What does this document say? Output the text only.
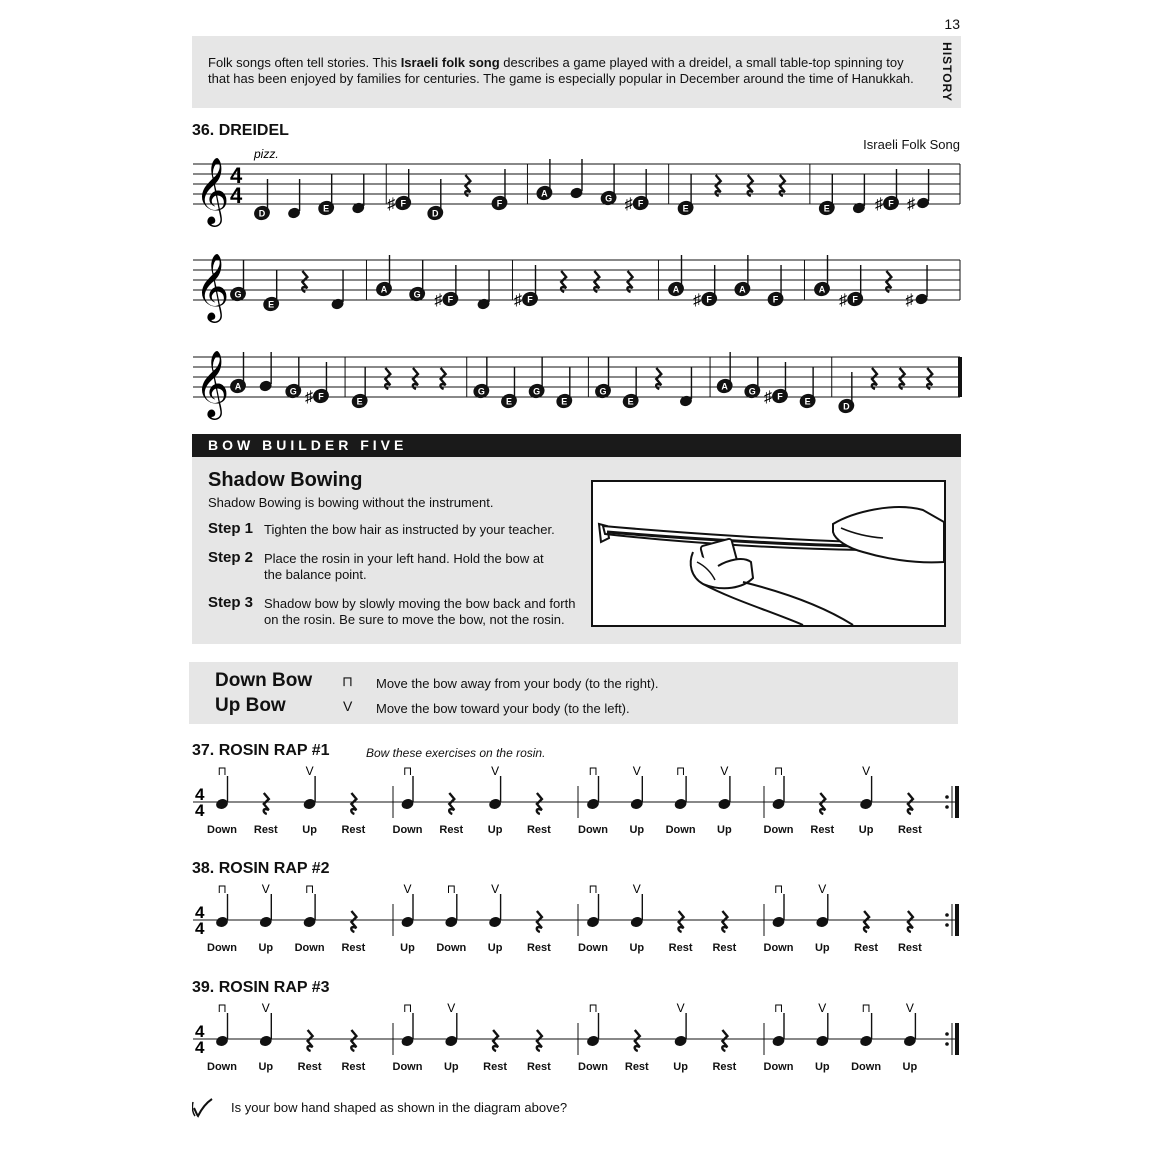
13
Folk songs often tell stories. This Israeli folk song describes a game played with a dreidel, a small table-top spinning toy that has been enjoyed by families for centuries. The game is especially popular in December around the time of Hanukkah.	HISTORY
36. DREIDEL
Israeli Folk Song
pizz.
𝄞 4
4
D	E	F
♯
D
F
A	G	F
♯	E	E	F
♯ ♯
𝄞 G
E
A	G	F
♯	F
♯
A
F
♯
A
F
A
F
♯	♯
𝄞 A	G F
♯	E
G
E
G
E
G
E
A G F
♯	E	D
BOW BUILDER FIVE
Shadow Bowing
Shadow Bowing is bowing without the instrument.
Step 1 Tighten the bow hair as instructed by your teacher.
Step 2 Place the rosin in your left hand. Hold the bow at the balance point.
Step 3 Shadow bow by slowly moving the bow back and forth on the rosin. Be sure to move the bow, not the rosin.
Down Bow ⊓ Move the bow away from your body (to the right).
Up Bow	V Move the bow toward your body (to the left).
37. ROSIN RAP #1	Bow these exercises on the rosin.
38. ROSIN RAP #2
39. ROSIN RAP #3
4
4
⊓	V	⊓	V	⊓	V	⊓	V	⊓	V
4
4
⊓	V	⊓	V	⊓	V	⊓	V	⊓	V
4
4
⊓	V	⊓	V	⊓	V	⊓	V	⊓	V
Down	Rest	Up	Rest	Down	Rest	Up	Rest	Down	Up	Down	Up	Down	Rest	Up	Rest
Down	Up	Down	Rest	Up	Down	Up	Rest	Down	Up	Rest	Rest	Down	Up	Rest	Rest
Down	Up	Rest	Rest	Down	Up	Rest	Rest	Down	Rest	Up	Rest	Down	Up	Down	Up
Is your bow hand shaped as shown in the diagram above?
